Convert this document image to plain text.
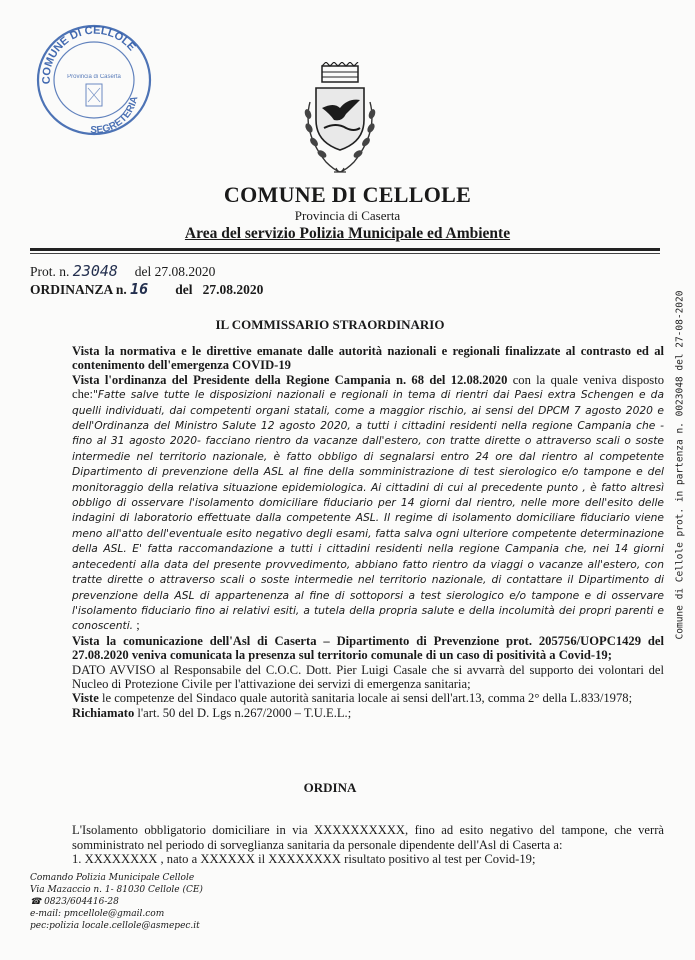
COMUNE DI CELLOLE
SEGRETERIA
Provincia di Caserta
COMUNE DI CELLOLE
Provincia di Caserta
Area del servizio Polizia Municipale ed Ambiente
Prot. n. 23048 del 27.08.2020
ORDINANZA n. 16 del 27.08.2020
IL COMMISSARIO STRAORDINARIO

Vista la normativa e le direttive emanate dalle autorità nazionali e regionali finalizzate al contrasto ed al contenimento dell'emergenza COVID-19

Vista l'ordinanza del Presidente della Regione Campania n. 68 del 12.08.2020 con la quale veniva disposto che:"Fatte salve tutte le disposizioni nazionali e regionali in tema di rientri dai Paesi extra Schengen e da quelli individuati, dai competenti organi statali, come a maggior rischio, ai sensi del DPCM 7 agosto 2020 e dell'Ordinanza del Ministro Salute 12 agosto 2020, a tutti i cittadini residenti nella regione Campania che - fino al 31 agosto 2020- facciano rientro da vacanze dall'estero, con tratte dirette o attraverso scali o soste intermedie nel territorio nazionale, è fatto obbligo di segnalarsi entro 24 ore dal rientro al competente Dipartimento di prevenzione della ASL al fine della somministrazione di test sierologico e/o tampone e del monitoraggio della relativa situazione epidemiologica. Ai cittadini di cui al precedente punto , è fatto altresì obbligo di osservare l'isolamento domiciliare fiduciario per 14 giorni dal rientro, nelle more dell'esito delle indagini di laboratorio effettuate dalla competente ASL. Il regime di isolamento domiciliare fiduciario viene meno all'atto dell'eventuale esito negativo degli esami, fatta salva ogni ulteriore competente determinazione della ASL. E' fatta raccomandazione a tutti i cittadini residenti nella regione Campania che, nei 14 giorni antecedenti alla data del presente provvedimento, abbiano fatto rientro da viaggi o vacanze all'estero, con tratte dirette o attraverso scali o soste intermedie nel territorio nazionale, di contattare il Dipartimento di prevenzione della ASL di appartenenza al fine di sottoporsi a test sierologico e/o tampone e di osservare l'isolamento fiduciario fino ai relativi esiti, a tutela della propria salute e della incolumità dei propri parenti e conoscenti. ;

Vista la comunicazione dell'Asl di Caserta – Dipartimento di Prevenzione prot. 205756/UOPC1429 del 27.08.2020 veniva comunicata la presenza sul territorio comunale di un caso di positività a Covid-19;

DATO AVVISO al Responsabile del C.O.C. Dott. Pier Luigi Casale che si avvarrà del supporto dei volontari del Nucleo di Protezione Civile per l'attivazione dei servizi di emergenza sanitaria;

Viste le competenze del Sindaco quale autorità sanitaria locale ai sensi dell'art.13, comma 2° della L.833/1978;

Richiamato l'art. 50 del D. Lgs n.267/2000 – T.U.E.L.;

ORDINA

L'Isolamento obbligatorio domiciliare in via XXXXXXXXXX, fino ad esito negativo del tampone, che verrà somministrato nel periodo di sorveglianza sanitaria da personale dipendente dell'Asl di Caserta a:

1. XXXXXXXX , nato a XXXXXX il XXXXXXXX risultato positivo al test per Covid-19;

Comando Polizia Municipale Cellole
Via Mazaccio n. 1- 81030 Cellole (CE)
☎ 0823/604416-28
e-mail: pmcellole@gmail.com
pec:polizia locale.cellole@asmepec.it
Comune di Cellole prot. in partenza n. 0023048 del 27-08-2020
